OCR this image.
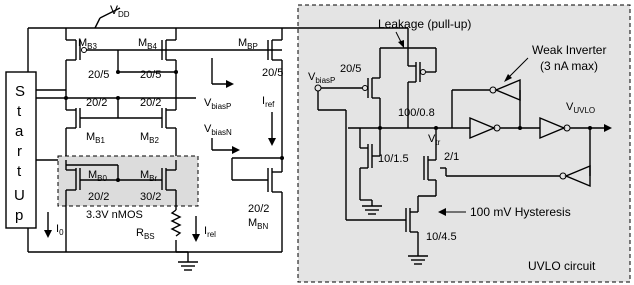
UVLO circuit
$V_{DD}$
S
t
a
r
t
U
p
$M_{B3}$
20/5
$M_{B4}$
20/5
$M_{BP}$
20/5
$V_{biasP}$	$I_{ref}$
20/2
$M_{B1}$
20/2
$M_{B2}$
3.3V nMOS
$M_{B0}$
20/2
$M_{Br}$
30/2
$R_{BS}$	$I_{rel}$
$I_0$
$V_{biasN}$
20/2
$M_{BN}$
Leakage (pull-up)
Weak Inverter
(3 nA max)
$V_{biasP}$
20/5
100/0.8
$V_{tr}$
$V_{UVLO}$
10/1.5	2/1
10/4.5
100 mV Hysteresis
